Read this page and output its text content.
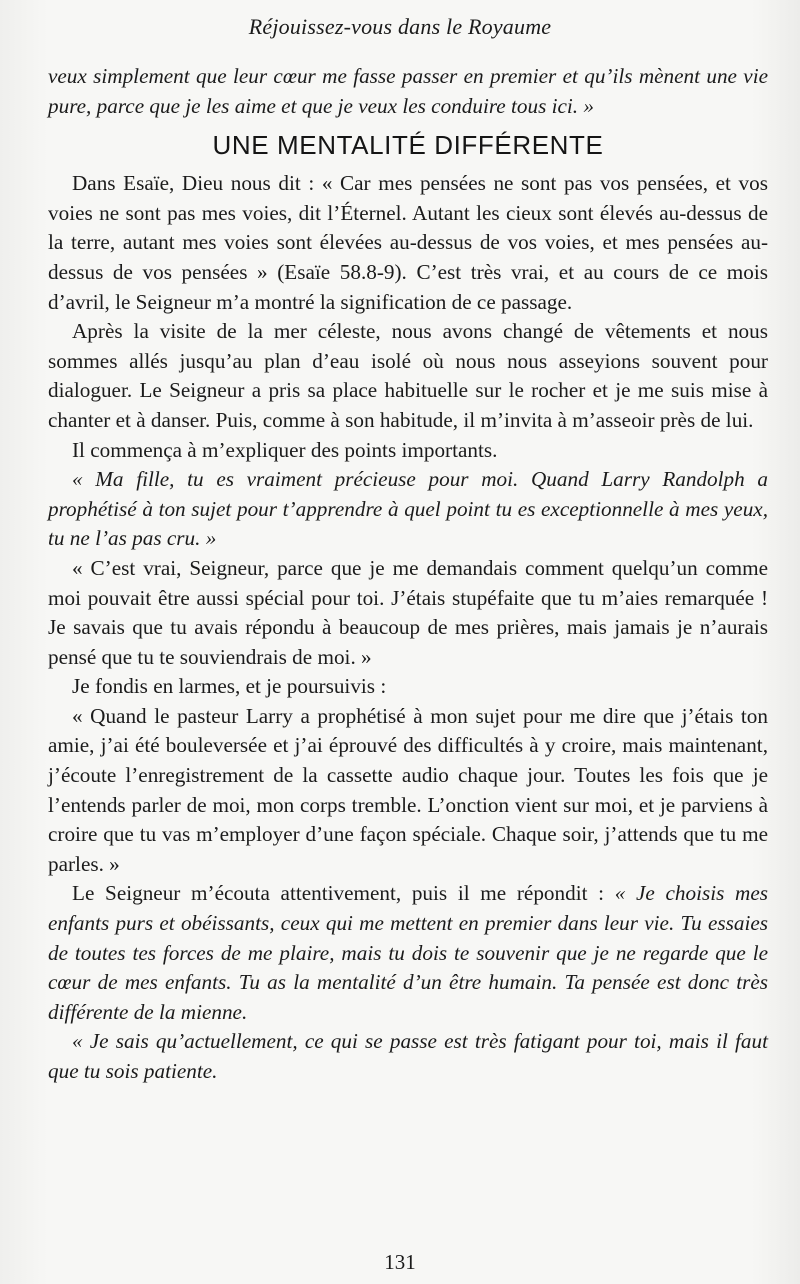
Réjouissez-vous dans le Royaume

veux simplement que leur cœur me fasse passer en premier et qu’ils mènent une vie pure, parce que je les aime et que je veux les conduire tous ici. »

UNE MENTALITÉ DIFFÉRENTE

Dans Esaïe, Dieu nous dit : « Car mes pensées ne sont pas vos pensées, et vos voies ne sont pas mes voies, dit l’Éternel. Autant les cieux sont élevés au-dessus de la terre, autant mes voies sont élevées au-dessus de vos voies, et mes pensées au-dessus de vos pensées » (Esaïe 58.8-9). C’est très vrai, et au cours de ce mois d’avril, le Seigneur m’a montré la signification de ce passage.

Après la visite de la mer céleste, nous avons changé de vêtements et nous sommes allés jusqu’au plan d’eau isolé où nous nous asseyions souvent pour dialoguer. Le Seigneur a pris sa place habituelle sur le rocher et je me suis mise à chanter et à danser. Puis, comme à son habitude, il m’invita à m’asseoir près de lui.

Il commença à m’expliquer des points importants.

« Ma fille, tu es vraiment précieuse pour moi. Quand Larry Randolph a prophétisé à ton sujet pour t’apprendre à quel point tu es exceptionnelle à mes yeux, tu ne l’as pas cru. »

« C’est vrai, Seigneur, parce que je me demandais comment quelqu’un comme moi pouvait être aussi spécial pour toi. J’étais stupéfaite que tu m’aies remarquée ! Je savais que tu avais répondu à beaucoup de mes prières, mais jamais je n’aurais pensé que tu te souviendrais de moi. »

Je fondis en larmes, et je poursuivis :

« Quand le pasteur Larry a prophétisé à mon sujet pour me dire que j’étais ton amie, j’ai été bouleversée et j’ai éprouvé des difficultés à y croire, mais maintenant, j’écoute l’enregistrement de la cassette audio chaque jour. Toutes les fois que je l’entends parler de moi, mon corps tremble. L’onction vient sur moi, et je parviens à croire que tu vas m’employer d’une façon spéciale. Chaque soir, j’attends que tu me parles. »

Le Seigneur m’écouta attentivement, puis il me répondit : « Je choisis mes enfants purs et obéissants, ceux qui me mettent en premier dans leur vie. Tu essaies de toutes tes forces de me plaire, mais tu dois te souvenir que je ne regarde que le cœur de mes enfants. Tu as la mentalité d’un être humain. Ta pensée est donc très différente de la mienne.

« Je sais qu’actuellement, ce qui se passe est très fatigant pour toi, mais il faut que tu sois patiente.

131
